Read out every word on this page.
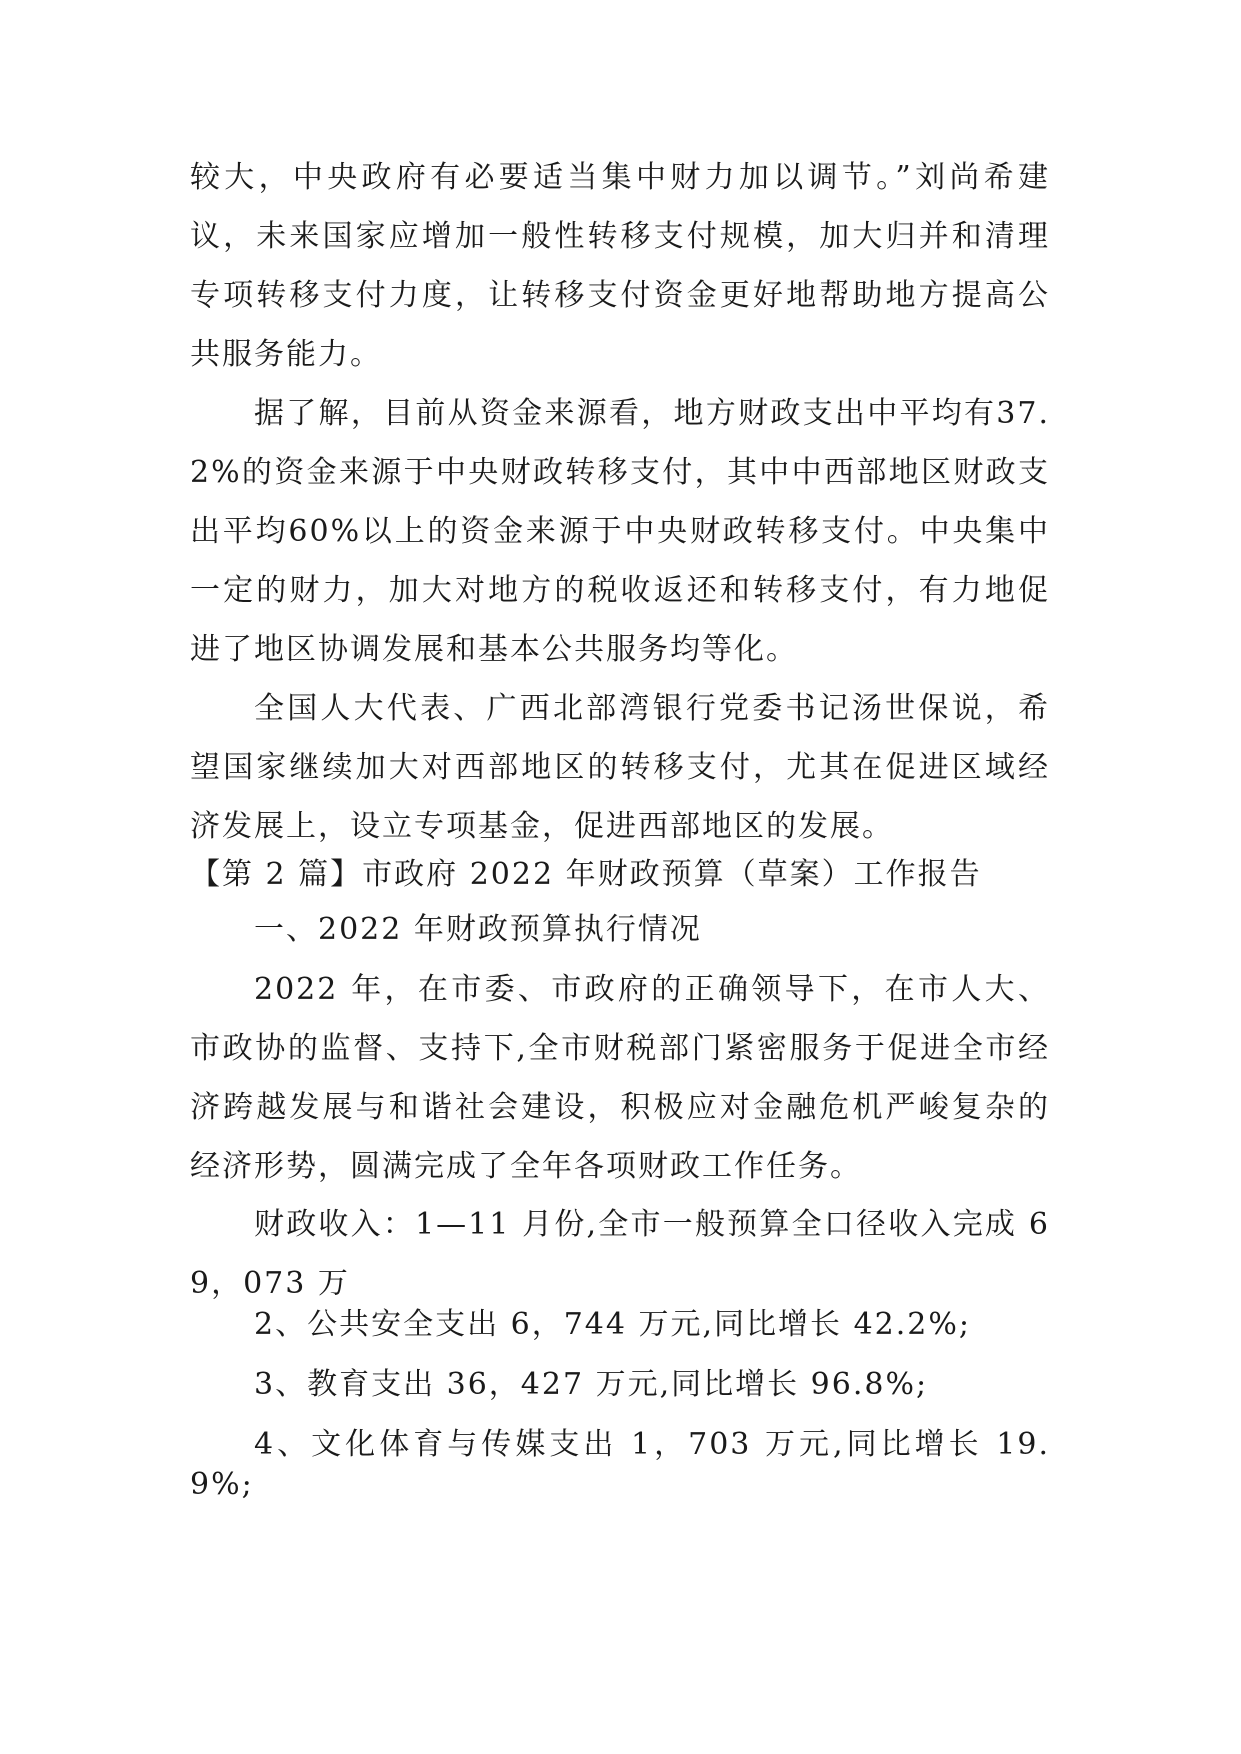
较大，中央政府有必要适当集中财力加以调节。”刘尚希建议，未来国家应增加一般性转移支付规模，加大归并和清理专项转移支付力度，让转移支付资金更好地帮助地方提高公共服务能力。

据了解，目前从资金来源看，地方财政支出中平均有37.2%的资金来源于中央财政转移支付，其中中西部地区财政支出平均60%以上的资金来源于中央财政转移支付。中央集中一定的财力，加大对地方的税收返还和转移支付，有力地促进了地区协调发展和基本公共服务均等化。

全国人大代表、广西北部湾银行党委书记汤世保说，希望国家继续加大对西部地区的转移支付，尤其在促进区域经济发展上，设立专项基金，促进西部地区的发展。

【第 2 篇】市政府 2022 年财政预算（草案）工作报告

一、2022 年财政预算执行情况

2022 年，在市委、市政府的正确领导下，在市人大、市政协的监督、支持下,全市财税部门紧密服务于促进全市经济跨越发展与和谐社会建设，积极应对金融危机严峻复杂的经济形势，圆满完成了全年各项财政工作任务。

财政收入：1—11 月份,全市一般预算全口径收入完成 69，073 万

2、公共安全支出 6，744 万元,同比增长 42.2%;

3、教育支出 36，427 万元,同比增长 96.8%;

4、文化体育与传媒支出 1，703 万元,同比增长 19.9%;
